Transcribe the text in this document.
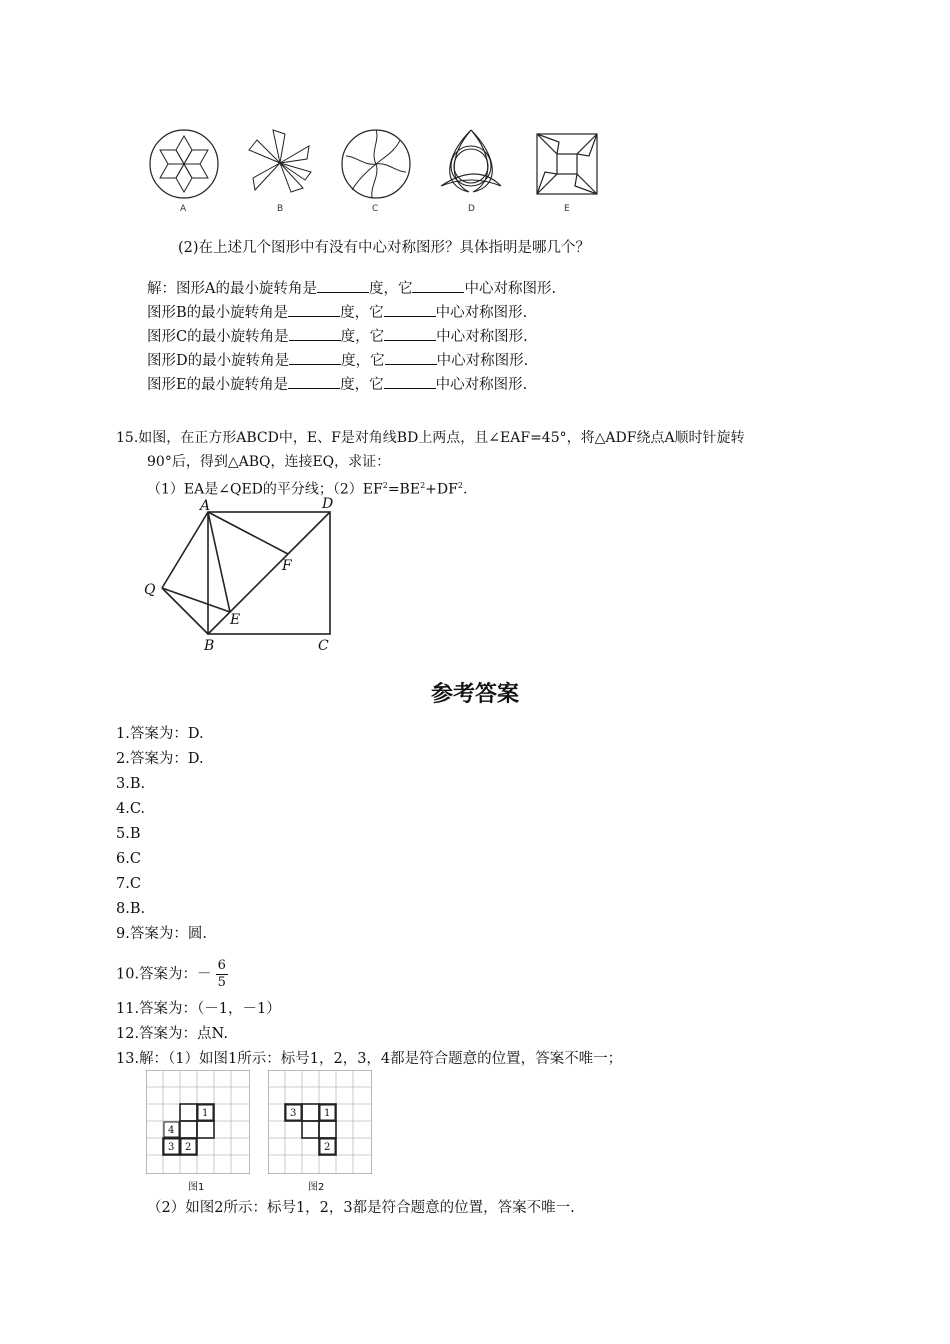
A	B	C	D	E
(2)在上述几个图形中有没有中心对称图形？具体指明是哪几个？
解：图形A的最小旋转角是	度，它	中心对称图形.
图形B的最小旋转角是	度，它	中心对称图形.
图形C的最小旋转角是	度，它	中心对称图形.
图形D的最小旋转角是	度，它	中心对称图形.
图形E的最小旋转角是	度，它	中心对称图形.
15.如图，在正方形ABCD中，E、F是对角线BD上两点，且∠EAF=45°，将△ADF绕点A顺时针旋转
90°后，得到△ABQ，连接EQ，求证：
（1）EA是∠QED的平分线；$(2)EF^2=BE^2+DF^2$.
A	D
F
Q
E
B	C
参考答案
1.答案为：D.
2.答案为：D.
3.B.
4.C.
5.B
6.C
7.C
8.B.
9.答案为：圆.
10.答案为：－ $\frac{6}{5}$
11.答案为：（－1，－1）
12.答案为：点N.
13.解：（1）如图1所示：标号1，2，3，4都是符合题意的位置，答案不唯一；
1
4
3 2
图1
3	1
2
图2
（2）如图2所示：标号1，2，3都是符合题意的位置，答案不唯一.
